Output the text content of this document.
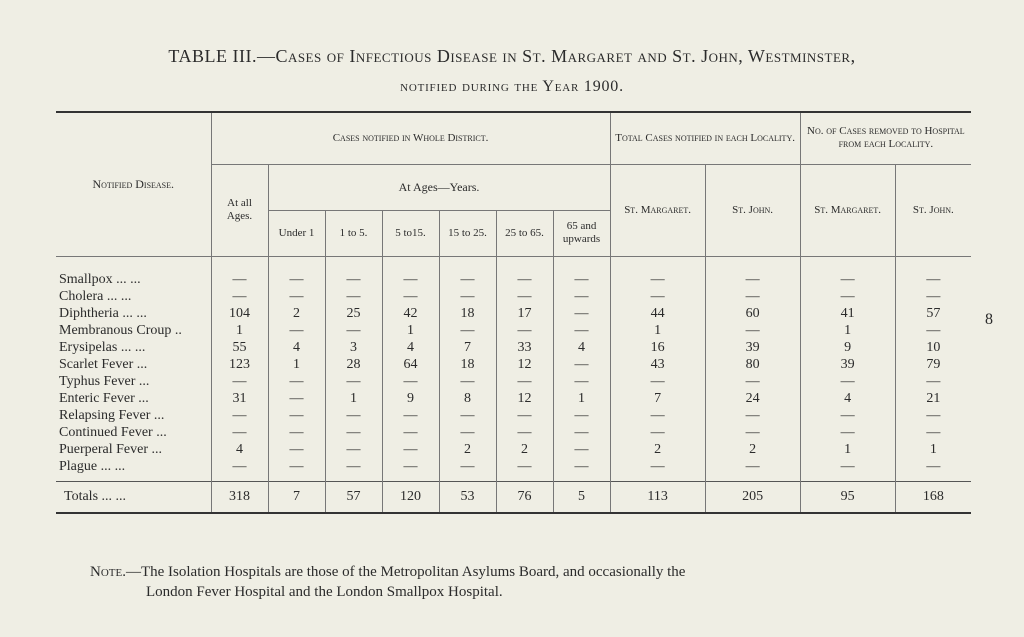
TABLE III.—Cases of Infectious Disease in St. Margaret and St. John, Westminster,
notified during the Year 1900.
Notified Disease.	Cases notified in Whole District.							Total Cases notified in each Locality.		No. of Cases removed to Hospital from each Locality.	
	At all Ages.	At Ages—Years.						St. Margaret.	St. John.	St. Margaret.	St. John.
		Under 1	1 to 5.	5 to15.	15 to 25.	25 to 65.	65 and upwards				

Smallpox ... ...	—	—	—	—	—	—	—	—	—	—	—
Cholera ... ...	—	—	—	—	—	—	—	—	—	—	—
Diphtheria ... ...	104	2	25	42	18	17	—	44	60	41	57
Membranous Croup ..	1	—	—	1	—	—	—	1	—	1	—
Erysipelas ... ...	55	4	3	4	7	33	4	16	39	9	10
Scarlet Fever ...	123	1	28	64	18	12	—	43	80	39	79
Typhus Fever ...	—	—	—	—	—	—	—	—	—	—	—
Enteric Fever ...	31	—	1	9	8	12	1	7	24	4	21
Relapsing Fever ...	—	—	—	—	—	—	—	—	—	—	—
Continued Fever ...	—	—	—	—	—	—	—	—	—	—	—
Puerperal Fever ...	4	—	—	—	2	2	—	2	2	1	1
Plague ... ...	—	—	—	—	—	—	—	—	—	—	—
Totals ... ...	318	7	57	120	53	76	5	113	205	95	168
8
Note.—The Isolation Hospitals are those of the Metropolitan Asylums Board, and occasionally the
London Fever Hospital and the London Smallpox Hospital.
